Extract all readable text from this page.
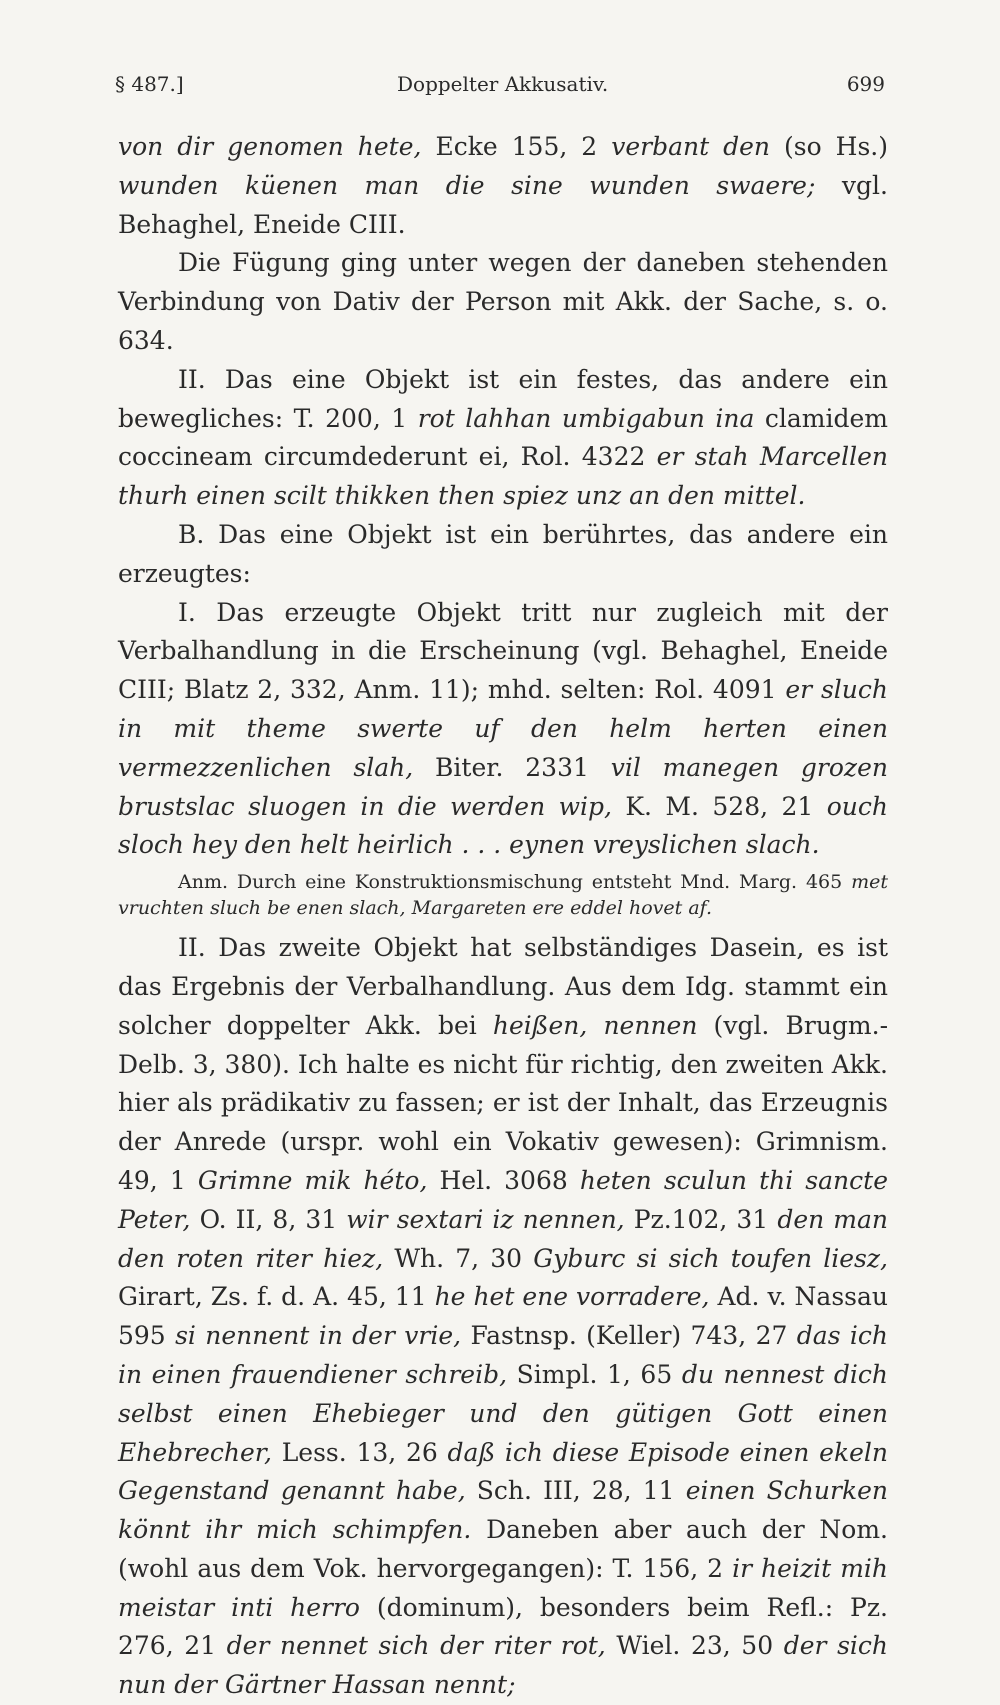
§ 487.]	Doppelter Akkusativ.	699

von dir genomen hete, Ecke 155, 2 verbant den (so Hs.) wunden küenen man die sine wunden swaere; vgl. Behaghel, Eneide CIII.

Die Fügung ging unter wegen der daneben stehenden Verbindung von Dativ der Person mit Akk. der Sache, s. o. 634.

II. Das eine Objekt ist ein festes, das andere ein bewegliches: T. 200, 1 rot lahhan umbigabun ina clamidem coccineam circumdederunt ei, Rol. 4322 er stah Marcellen thurh einen scilt thikken then spiez unz an den mittel.

B. Das eine Objekt ist ein berührtes, das andere ein erzeugtes:

I. Das erzeugte Objekt tritt nur zugleich mit der Verbalhandlung in die Erscheinung (vgl. Behaghel, Eneide CIII; Blatz 2, 332, Anm. 11); mhd. selten: Rol. 4091 er sluch in mit theme swerte uf den helm herten einen vermezzenlichen slah, Biter. 2331 vil manegen grozen brustslac sluogen in die werden wip, K. M. 528, 21 ouch sloch hey den helt heirlich . . . eynen vreyslichen slach.

Anm. Durch eine Konstruktionsmischung entsteht Mnd. Marg. 465 met vruchten sluch be enen slach, Margareten ere eddel hovet af.

II. Das zweite Objekt hat selbständiges Dasein, es ist das Ergebnis der Verbalhandlung. Aus dem Idg. stammt ein solcher doppelter Akk. bei heißen, nennen (vgl. Brugm.-Delb. 3, 380). Ich halte es nicht für richtig, den zweiten Akk. hier als prädikativ zu fassen; er ist der Inhalt, das Erzeugnis der Anrede (urspr. wohl ein Vokativ gewesen): Grimnism. 49, 1 Grimne mik héto, Hel. 3068 heten sculun thi sancte Peter, O. II, 8, 31 wir sextari iz nennen, Pz.102, 31 den man den roten riter hiez, Wh. 7, 30 Gyburc si sich toufen liesz, Girart, Zs. f. d. A. 45, 11 he het ene vorradere, Ad. v. Nassau 595 si nennent in der vrie, Fastnsp. (Keller) 743, 27 das ich in einen frauendiener schreib, Simpl. 1, 65 du nennest dich selbst einen Ehebieger und den gütigen Gott einen Ehebrecher, Less. 13, 26 daß ich diese Episode einen ekeln Gegenstand genannt habe, Sch. III, 28, 11 einen Schurken könnt ihr mich schimpfen. Daneben aber auch der Nom. (wohl aus dem Vok. hervorgegangen): T. 156, 2 ir heizit mih meistar inti herro (dominum), besonders beim Refl.: Pz. 276, 21 der nennet sich der riter rot, Wiel. 23, 50 der sich nun der Gärtner Hassan nennt;
